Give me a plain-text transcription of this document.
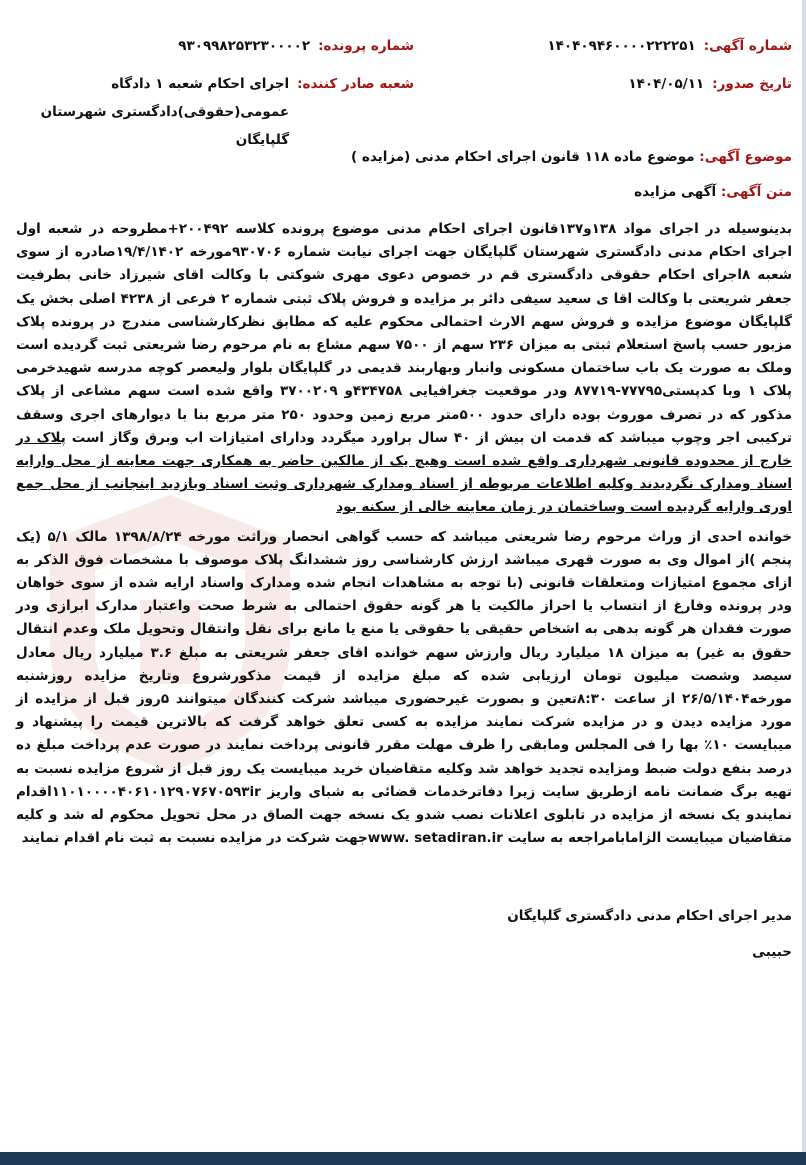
شماره آگهی:
۱۴۰۴۰۹۴۶۰۰۰۰۲۲۲۲۵۱
شماره پرونده:
۹۳۰۹۹۸۲۵۳۲۳۰۰۰۰۲
تاریخ صدور:
۱۴۰۴/۰۵/۱۱
شعبه صادر کننده:
اجرای احکام شعبه ۱ دادگاه عمومی(حقوقی)دادگستری شهرستان گلپایگان
موضوع آگهی: موضوع ماده ۱۱۸ قانون اجرای احکام مدنی (مزایده )
متن آگهی: آگهی مزایده

بدینوسیله در اجرای مواد ۱۳۸و۱۳۷قانون اجرای احکام مدنی موضوع پرونده کلاسه ۲۰۰۴۹۲+مطروحه در شعبه اول اجرای احکام مدنی دادگستری شهرستان گلپایگان جهت اجرای نیابت شماره ۹۳۰۷۰۶مورخه ۱۹/۴/۱۴۰۲صادره از سوی شعبه ۸اجرای احکام حقوقی دادگستری قم در خصوص دعوی مهری شوکتی با وکالت اقای شیرزاد خانی بطرفیت جعفر شریعتی با وکالت اقا ی سعید سیفی دائر بر مزایده و فروش پلاک ثبتی شماره ۲ فرعی از ۴۲۳۸ اصلی بخش یک گلپایگان موضوع مزایده و فروش سهم الارث احتمالی محکوم علیه که مطابق نظرکارشناسی مندرج در پرونده پلاک مزبور حسب پاسخ استعلام ثبتی به میزان ۲۳۶ سهم از ۷۵۰۰ سهم مشاع به نام مرحوم رضا شریعتی ثبت گردیده است وملک به صورت یک باب ساختمان مسکونی وانبار وبهاربند قدیمی در گلپایگان بلوار ولیعصر کوچه مدرسه شهیدخرمی پلاک ۱ وبا کدپستی۷۷۷۹۵-۸۷۷۱۹ ودر موقعیت جغرافیایی ۴۳۴۷۵۸و ۳۷۰۰۲۰۹ واقع شده است سهم مشاعی از پلاک مذکور که در تصرف موروث بوده دارای حدود ۵۰۰متر مربع زمین وحدود ۲۵۰ متر مربع بنا با دیوارهای اجری وسقف ترکیبی اجر وچوپ میباشد که قدمت ان بیش از ۴۰ سال براورد میگردد ودارای امتیازات اب وبرق وگاز است پلاک در خارج از محدوده قانونی شهرداری واقع شده است وهیچ یک از مالکین حاضر به همکاری جهت معاینه از محل وارایه اسناد ومدارک نگردیدند وکلیه اطلاعات مربوطه از اسناد ومدارک شهرداری وثبت اسناد وبازدید اینجانب از محل جمع اوری وارایه گردیده است وساختمان در زمان معاینه خالی از سکنه بود

خوانده احدی از وراث مرحوم رضا شریعتی میباشد که حسب گواهی انحصار وراثت مورخه ۱۳۹۸/۸/۲۴ مالک ۵/۱ (یک پنجم )از اموال وی به صورت قهری میباشد ارزش کارشناسی روز ششدانگ پلاک موصوف با مشخصات فوق الذکر به ازای مجموع امتیازات ومتعلقات قانونی (با توجه به مشاهدات انجام شده ومدارک واسناد ارایه شده از سوی خواهان ودر پرونده وفارغ از انتساب یا احراز مالکیت یا هر گونه حقوق احتمالی به شرط صحت واعتبار مدارک ابرازی ودر صورت فقدان هر گونه بدهی به اشخاص حقیقی یا حقوقی یا منع یا مانع برای نقل وانتقال وتحویل ملک وعدم انتقال حقوق به غیر) به میزان ۱۸ میلیارد ریال وارزش سهم خوانده اقای جعفر شریعتی به مبلغ ۳.۶ میلیارد ریال معادل سیصد وشصت میلیون تومان ارزیابی شده که مبلغ مزایده از قیمت مذکورشروع وتاریخ مزایده روزشنبه مورخه۲۶/۵/۱۴۰۴ از ساعت ۸:۳۰تعین و بصورت غیرحضوری میباشد شرکت کنندگان میتوانند ۵روز قبل از مزایده از مورد مزایده دیدن و در مزایده شرکت نمایند مزایده به کسی تعلق خواهد گرفت که بالاترین قیمت را پیشنهاد و میبایست ۱۰٪ بها را فی المجلس ومابقی را ظرف مهلت مقرر قانونی پرداخت نمایند در صورت عدم پرداخت مبلغ ده درصد بنفع دولت ضبط ومزایده تجدید خواهد شد وکلیه متقاضیان خرید میبایست یک روز قبل از شروع مزایده نسبت به تهیه برگ ضمانت نامه ازطریق سایت زیرا دفاترخدمات قضائی به شبای واریز ۱۱۰۱۰۰۰۰۴۰۶۱۰۱۲۹۰۷۶۷۰۵۹۳irاقدام نمایندو یک نسخه از مزایده در تابلوی اعلانات نصب شدو یک نسخه جهت الصاق در محل تحویل محکوم له شد و کلیه متقاضیان میبایست الزامابامراجعه به سایت www. setadiran.irجهت شرکت در مزایده نسبت به ثبت نام اقدام نمایند

مدیر اجرای احکام مدنی دادگستری گلپایگان
حبیبی
